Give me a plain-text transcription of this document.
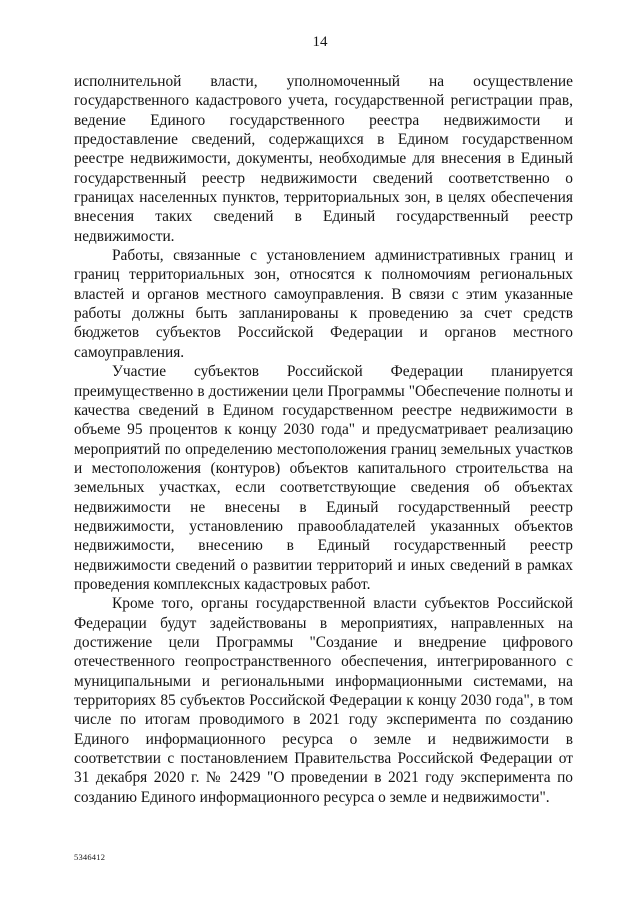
14

исполнительной власти, уполномоченный на осуществление государственного кадастрового учета, государственной регистрации прав, ведение Единого государственного реестра недвижимости и предоставление сведений, содержащихся в Едином государственном реестре недвижимости, документы, необходимые для внесения в Единый государственный реестр недвижимости сведений соответственно о границах населенных пунктов, территориальных зон, в целях обеспечения внесения таких сведений в Единый государственный реестр недвижимости.

Работы, связанные с установлением административных границ и границ территориальных зон, относятся к полномочиям региональных властей и органов местного самоуправления. В связи с этим указанные работы должны быть запланированы к проведению за счет средств бюджетов субъектов Российской Федерации и органов местного самоуправления.

Участие субъектов Российской Федерации планируется преимущественно в достижении цели Программы "Обеспечение полноты и качества сведений в Едином государственном реестре недвижимости в объеме 95 процентов к концу 2030 года" и предусматривает реализацию мероприятий по определению местоположения границ земельных участков и местоположения (контуров) объектов капитального строительства на земельных участках, если соответствующие сведения об объектах недвижимости не внесены в Единый государственный реестр недвижимости, установлению правообладателей указанных объектов недвижимости, внесению в Единый государственный реестр недвижимости сведений о развитии территорий и иных сведений в рамках проведения комплексных кадастровых работ.

Кроме того, органы государственной власти субъектов Российской Федерации будут задействованы в мероприятиях, направленных на достижение цели Программы "Создание и внедрение цифрового отечественного геопространственного обеспечения, интегрированного с муниципальными и региональными информационными системами, на территориях 85 субъектов Российской Федерации к концу 2030 года", в том числе по итогам проводимого в 2021 году эксперимента по созданию Единого информационного ресурса о земле и недвижимости в соответствии с постановлением Правительства Российской Федерации от 31 декабря 2020 г. № 2429 "О проведении в 2021 году эксперимента по созданию Единого информационного ресурса о земле и недвижимости".

5346412
